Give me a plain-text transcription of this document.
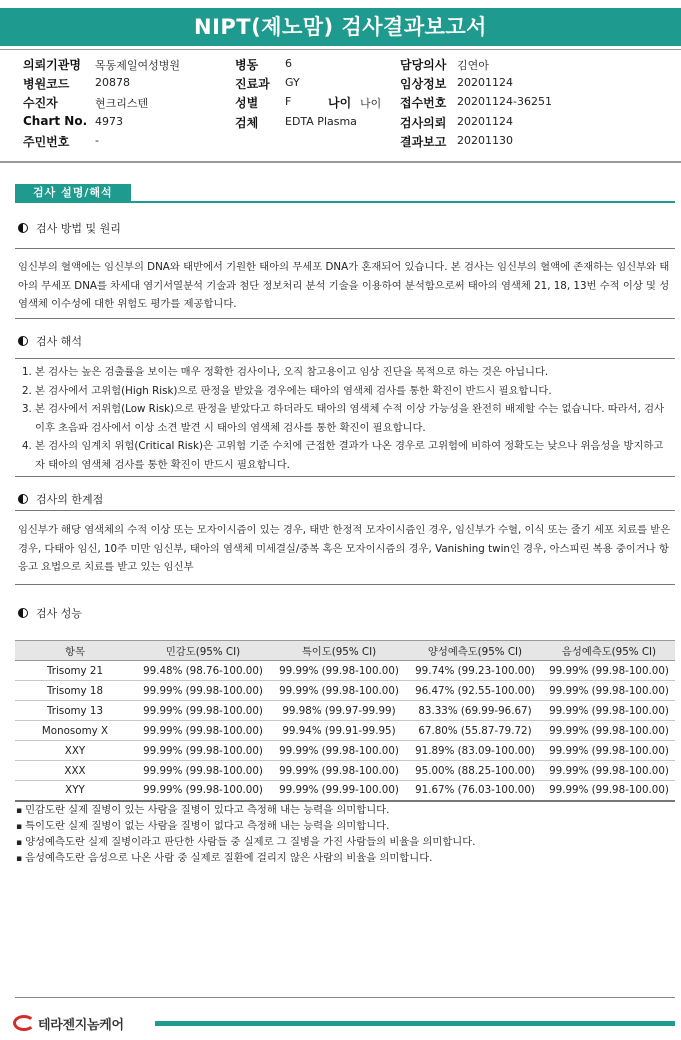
NIPT(제노맘) 검사결과보고서
의뢰기관명 목동제일여성병원
병원코드 20878
수진자	현크리스텐
Chart No. 4973
주민번호 -
병동 6
진료과 GY
성별 F	나이 나이
검체 EDTA Plasma
담당의사 김연아
임상정보 20201124
접수번호 20201124-36251
검사의뢰 20201124
결과보고 20201130
검사 설명/해석
검사 방법 및 원리
임신부의 혈액에는 임신부의 DNA와 태반에서 기원한 태아의 무세포 DNA가 혼재되어 있습니다. 본 검사는 임신부의 혈액에 존재하는 임신부와 태아의 무세포 DNA를 차세대 염기서열분석 기술과 첨단 정보처리 분석 기술을 이용하여 분석함으로써 태아의 염색체 21, 18, 13번 수적 이상 및 성염색체 이수성에 대한 위험도 평가를 제공합니다.
검사 해석
1. 본 검사는 높은 검출률을 보이는 매우 정확한 검사이나, 오직 참고용이고 임상 진단을 목적으로 하는 것은 아닙니다.
2. 본 검사에서 고위험(High Risk)으로 판정을 받았을 경우에는 태아의 염색체 검사를 통한 확진이 반드시 필요합니다.
3. 본 검사에서 저위험(Low Risk)으로 판정을 받았다고 하더라도 태아의 염색체 수적 이상 가능성을 완전히 배제할 수는 없습니다. 따라서, 검사 이후 초음파 검사에서 이상 소견 발견 시 태아의 염색체 검사를 통한 확진이 필요합니다.
4. 본 검사의 임계치 위험(Critical Risk)은 고위험 기준 수치에 근접한 결과가 나온 경우로 고위험에 비하여 정확도는 낮으나 위음성을 방지하고자 태아의 염색체 검사를 통한 확진이 반드시 필요합니다.
검사의 한계점
임신부가 해당 염색체의 수적 이상 또는 모자이시즘이 있는 경우, 태반 한정적 모자이시즘인 경우, 임신부가 수혈, 이식 또는 줄기 세포 치료를 받은 경우, 다태아 임신, 10주 미만 임신부, 태아의 염색체 미세결실/중복 혹은 모자이시즘의 경우, Vanishing twin인 경우, 아스피린 복용 중이거나 항 응고 요법으로 치료를 받고 있는 임신부
검사 성능
항목	민감도(95% CI)	특이도(95% CI)	양성예측도(95% CI)	음성예측도(95% CI)
Trisomy 21	99.48% (98.76-100.00)	99.99% (99.98-100.00)	99.74% (99.23-100.00)	99.99% (99.98-100.00)
Trisomy 18	99.99% (99.98-100.00)	99.99% (99.98-100.00)	96.47% (92.55-100.00)	99.99% (99.98-100.00)
Trisomy 13	99.99% (99.98-100.00)	99.98% (99.97-99.99)	83.33% (69.99-96.67)	99.99% (99.98-100.00)
Monosomy X	99.99% (99.98-100.00)	99.94% (99.91-99.95)	67.80% (55.87-79.72)	99.99% (99.98-100.00)
XXY	99.99% (99.98-100.00)	99.99% (99.98-100.00)	91.89% (83.09-100.00)	99.99% (99.98-100.00)
XXX	99.99% (99.98-100.00)	99.99% (99.98-100.00)	95.00% (88.25-100.00)	99.99% (99.98-100.00)
XYY	99.99% (99.98-100.00)	99.99% (99.99-100.00)	91.67% (76.03-100.00)	99.99% (99.98-100.00)
▪ 민감도란 실제 질병이 있는 사람을 질병이 있다고 측정해 내는 능력을 의미합니다.
▪ 특이도란 실제 질병이 없는 사람을 질병이 없다고 측정해 내는 능력을 의미합니다.
▪ 양성예측도란 실제 질병이라고 판단한 사람들 중 실제로 그 질병을 가진 사람들의 비율을 의미합니다.
▪ 음성예측도란 음성으로 나온 사람 중 실제로 질환에 걸리지 않은 사람의 비율을 의미합니다.
테라젠지놈케어
